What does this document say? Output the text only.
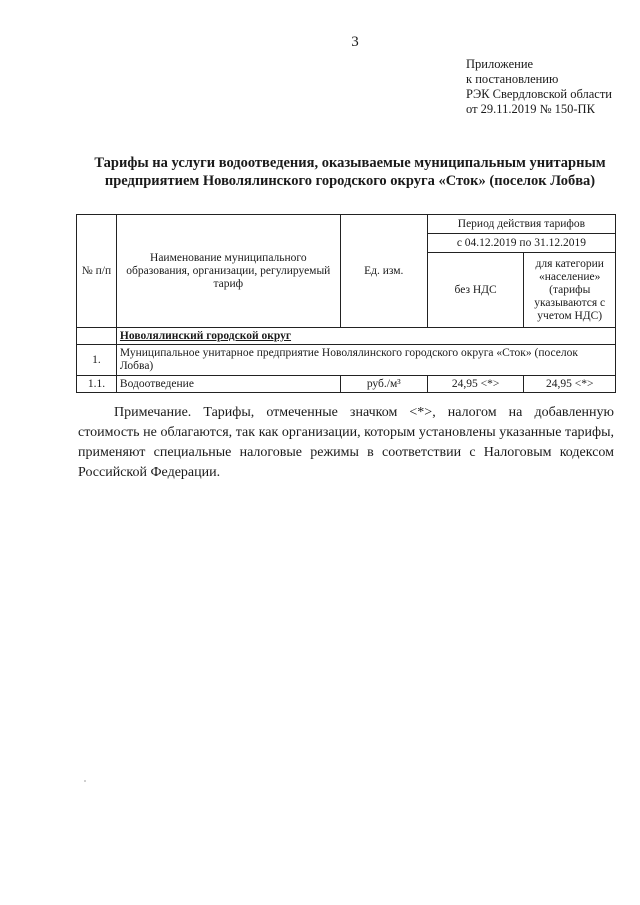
3
Приложение
к постановлению
РЭК Свердловской области
от 29.11.2019 № 150-ПК
Тарифы на услуги водоотведения, оказываемые муниципальным унитарным
предприятием Новолялинского городского округа «Сток» (поселок Лобва)
№ п/п	Наименование муниципального образования, организации, регулируемый тариф	Ед. изм.	Период действия тарифов	
			с 04.12.2019 по 31.12.2019	
			без НДС	для категории «население» (тарифы указываются с учетом НДС)
	Новолялинский городской округ			
1.	Муниципальное унитарное предприятие Новолялинского городского округа «Сток» (поселок Лобва)			
1.1.	Водоотведение	руб./м³	24,95 <*>	24,95 <*>
Примечание. Тарифы, отмеченные значком <*>, налогом на добавленную стоимость не облагаются, так как организации, которым установлены указанные тарифы, применяют специальные налоговые режимы в соответствии с Налоговым кодексом Российской Федерации.
